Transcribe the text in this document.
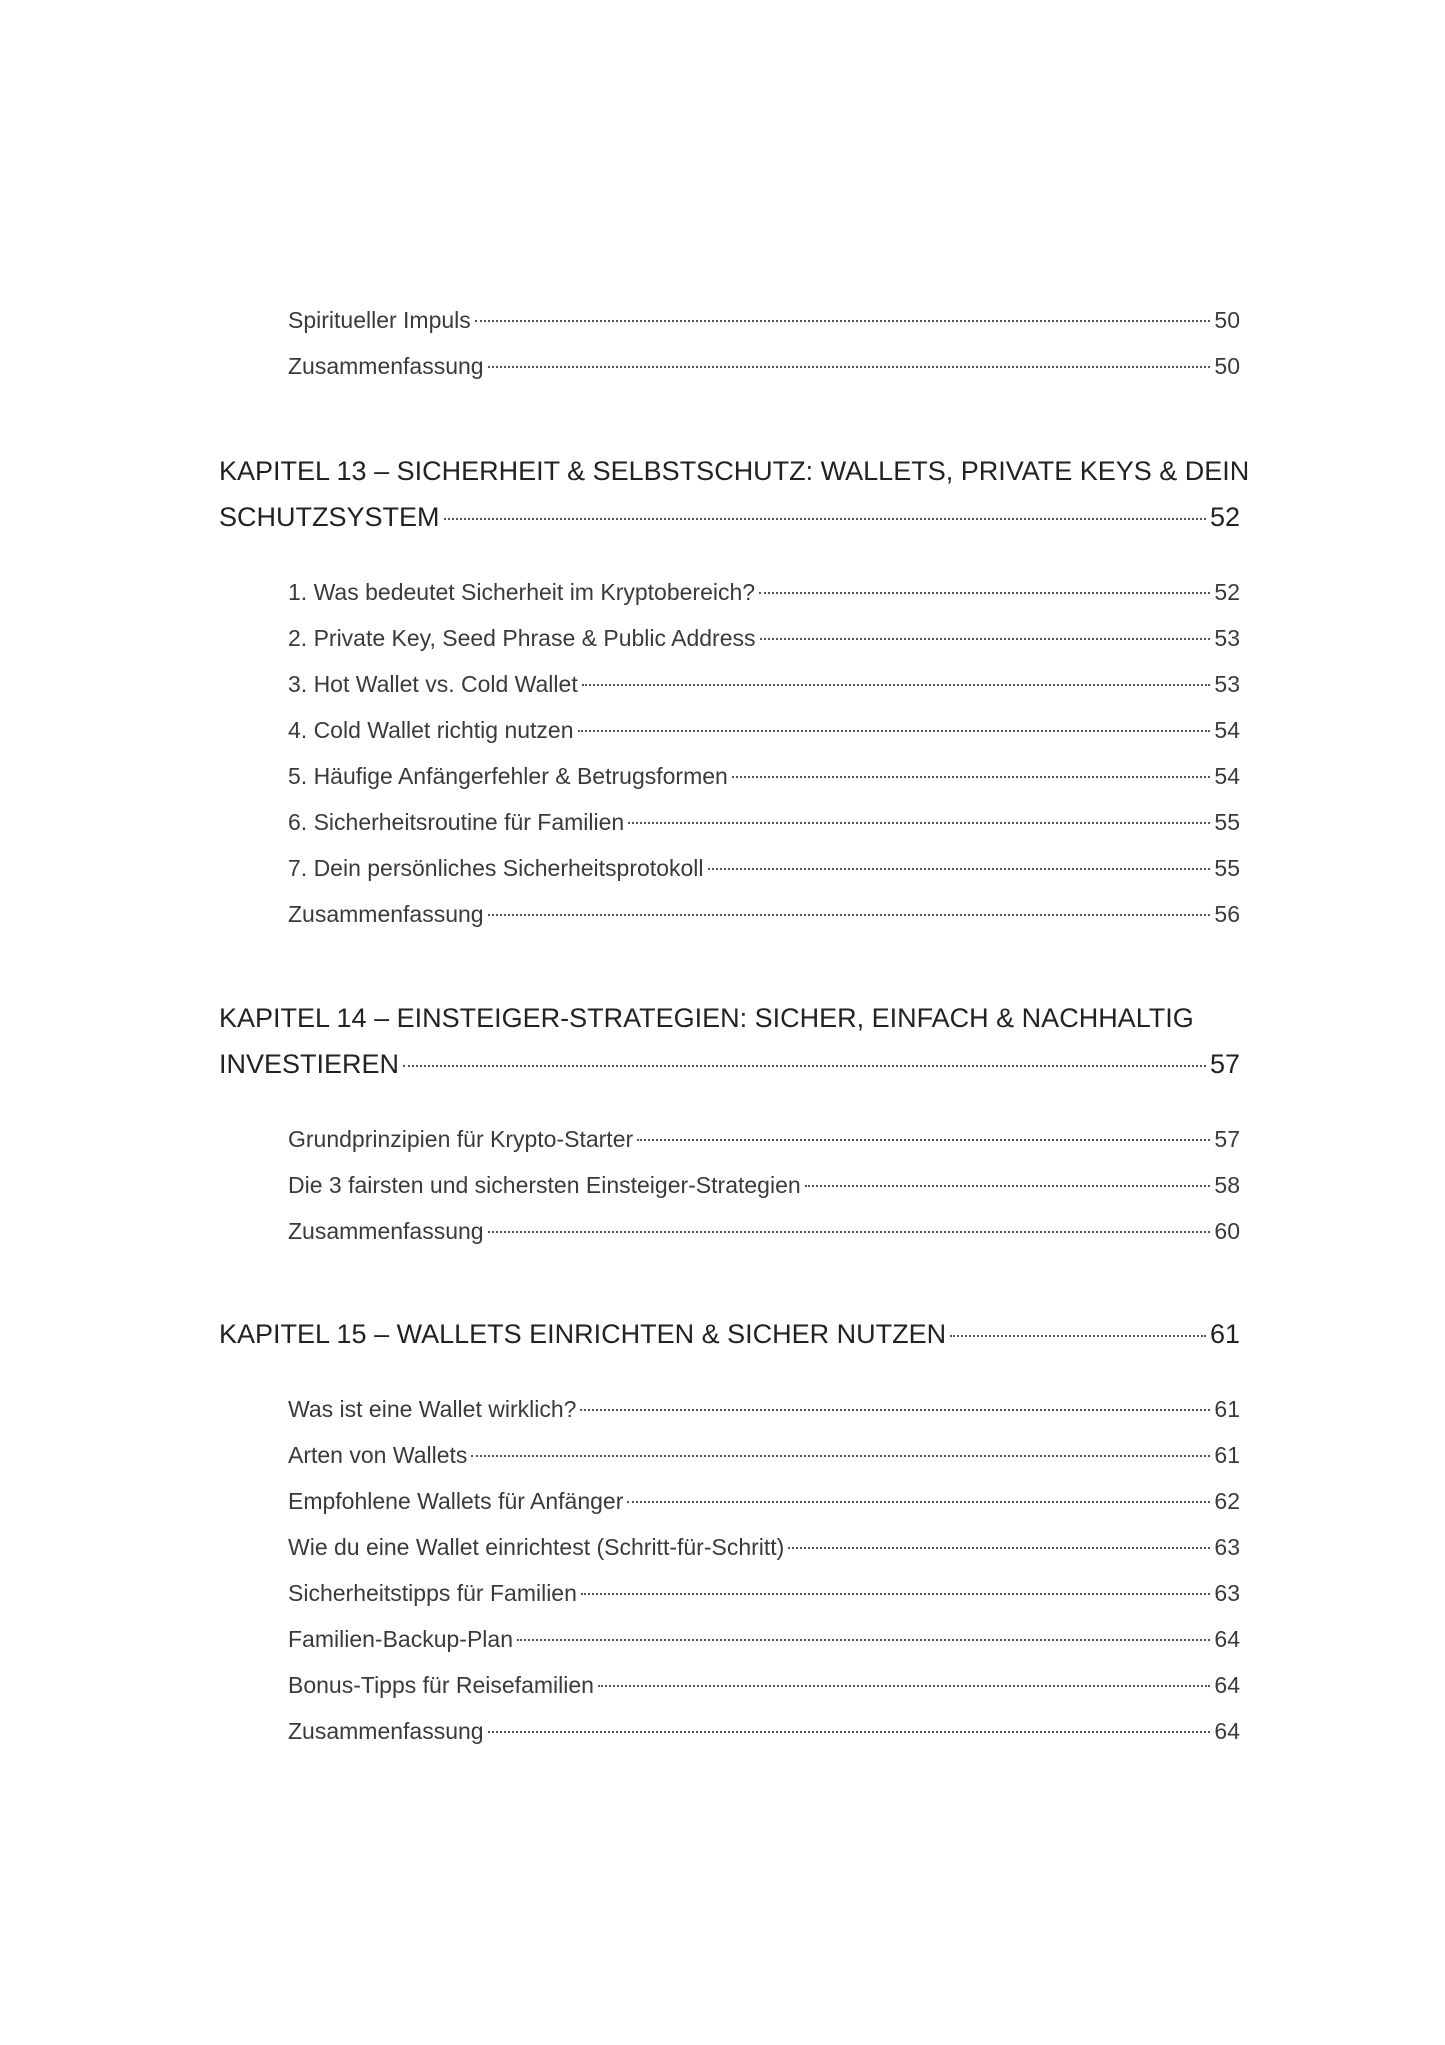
Spiritueller Impuls	50
Zusammenfassung	50
KAPITEL 13 – SICHERHEIT & SELBSTSCHUTZ: WALLETS, PRIVATE KEYS & DEIN
SCHUTZSYSTEM	52
1. Was bedeutet Sicherheit im Kryptobereich?	52
2. Private Key, Seed Phrase & Public Address	53
3. Hot Wallet vs. Cold Wallet	53
4. Cold Wallet richtig nutzen	54
5. Häufige Anfängerfehler & Betrugsformen	54
6. Sicherheitsroutine für Familien	55
7. Dein persönliches Sicherheitsprotokoll	55
Zusammenfassung	56
KAPITEL 14 – EINSTEIGER-STRATEGIEN: SICHER, EINFACH & NACHHALTIG
INVESTIEREN	57
Grundprinzipien für Krypto-Starter	57
Die 3 fairsten und sichersten Einsteiger-Strategien	58
Zusammenfassung	60
KAPITEL 15 – WALLETS EINRICHTEN & SICHER NUTZEN	61
Was ist eine Wallet wirklich?	61
Arten von Wallets	61
Empfohlene Wallets für Anfänger	62
Wie du eine Wallet einrichtest (Schritt-für-Schritt)	63
Sicherheitstipps für Familien	63
Familien-Backup-Plan	64
Bonus-Tipps für Reisefamilien	64
Zusammenfassung	64
